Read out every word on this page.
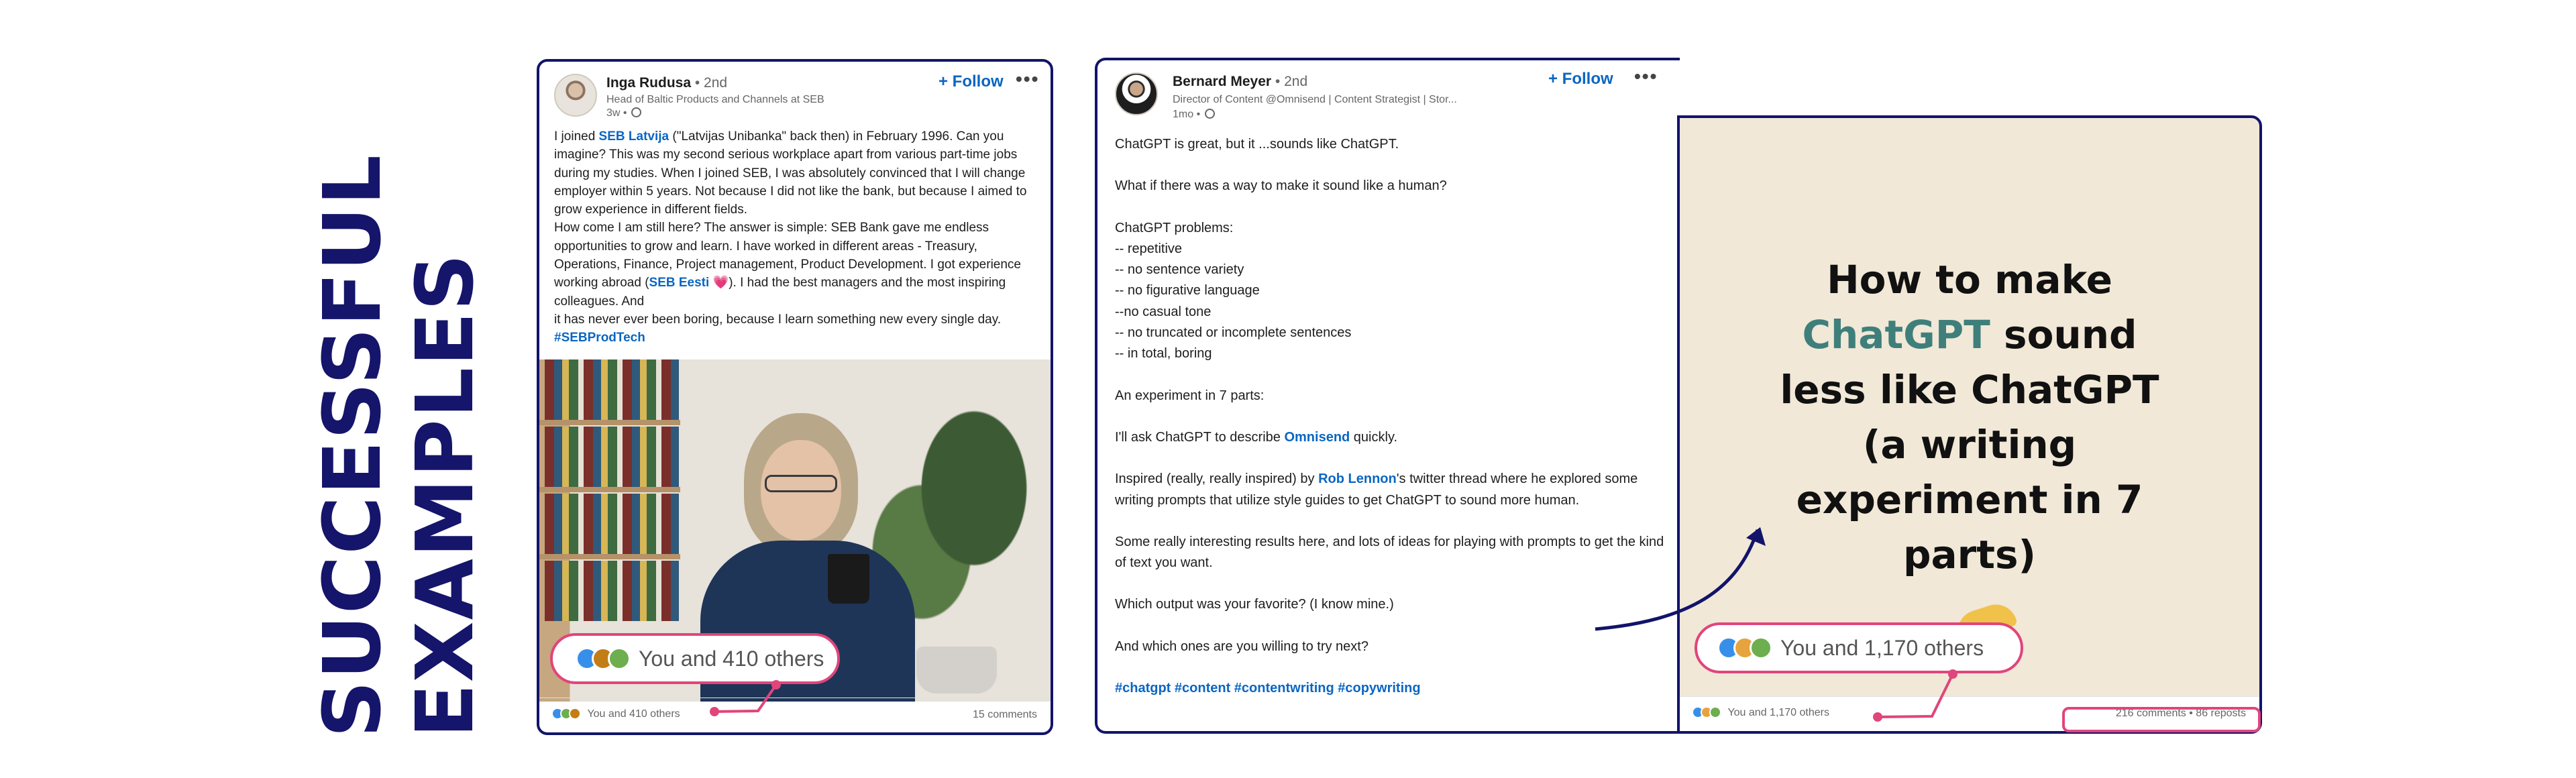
SUCCESSFUL EXAMPLES
Inga Rudusa • 2nd
Head of Baltic Products and Channels at SEB
3w •
+ Follow •••

I joined SEB Latvija ("Latvijas Unibanka" back then) in February 1996. Can you imagine? This was my second serious workplace apart from various part-time jobs during my studies. When I joined SEB, I was absolutely convinced that I will change employer within 5 years. Not because I did not like the bank, but because I aimed to grow experience in different fields.

How come I am still here? The answer is simple: SEB Bank gave me endless opportunities to grow and learn. I have worked in different areas - Treasury, Operations, Finance, Project management, Product Development. I got experience working abroad (SEB Eesti 💗). I had the best managers and the most inspiring colleagues. And

it has never ever been boring, because I learn something new every single day.

#SEBProdTech

You and 410 others	15 comments
Bernard Meyer • 2nd
Director of Content @Omnisend | Content Strategist | Stor...
1mo •
+ Follow •••
ChatGPT is great, but it ...sounds like ChatGPT.
What if there was a way to make it sound like a human?
ChatGPT problems:
-- repetitive
-- no sentence variety
-- no figurative language
--no casual tone
-- no truncated or incomplete sentences
-- in total, boring
An experiment in 7 parts:
I'll ask ChatGPT to describe Omnisend quickly.
Inspired (really, really inspired) by Rob Lennon's twitter thread where he explored some writing prompts that utilize style guides to get ChatGPT to sound more human.
Some really interesting results here, and lots of ideas for playing with prompts to get the kind of text you want.
Which output was your favorite? (I know mine.)
And which ones are you willing to try next?
#chatgpt #content #contentwriting #copywriting
How to make
ChatGPT sound
less like ChatGPT
(a writing
experiment in 7
parts)
You and 1,170 others	216 comments • 86 reposts
You and 410 others	You and 1,170 others
